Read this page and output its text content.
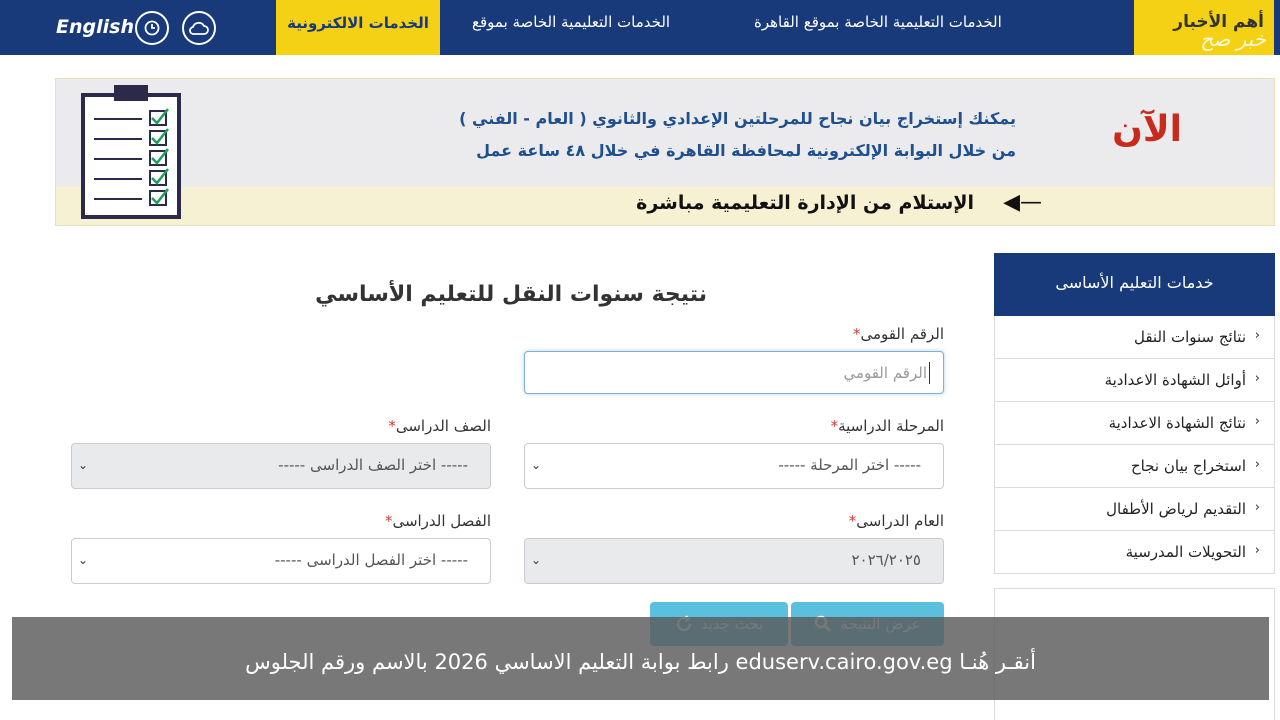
أهم الأخبار
خبر صح
الخدمات التعليمية الخاصة بموقع القاهرة
الخدمات التعليمية الخاصة بموقع
الخدمات الالكترونية
English
الآن
يمكنك إستخراج بيان نجاح للمرحلتين الإعدادي والثانوي ( العام - الفني )
من خلال البوابة الإلكترونية لمحافظة القاهرة في خلال ٤٨ ساعة عمل
الإستلام من الإدارة التعليمية مباشرة ◀—
نتيجة سنوات النقل للتعليم الأساسي
الرقم القومى*
الرقم القومي
المرحلة الدراسية*
----- اختر المرحلة -----
⌄
الصف الدراسى*
----- اختر الصف الدراسى -----
⌄
العام الدراسى*
٢٠٢٦/٢٠٢٥
⌄
الفصل الدراسى*
----- اختر الفصل الدراسى -----
⌄
خدمات التعليم الأساسى
›
نتائج سنوات النقل
›
أوائل الشهادة الاعدادية
›
نتائج الشهادة الاعدادية
›
استخراج بيان نجاح
›
التقديم لرياض الأطفال
›
التحويلات المدرسية
أنقـر هُنـا eduserv.cairo.gov.eg رابط بوابة التعليم الاساسي 2026 بالاسم ورقم الجلوس
